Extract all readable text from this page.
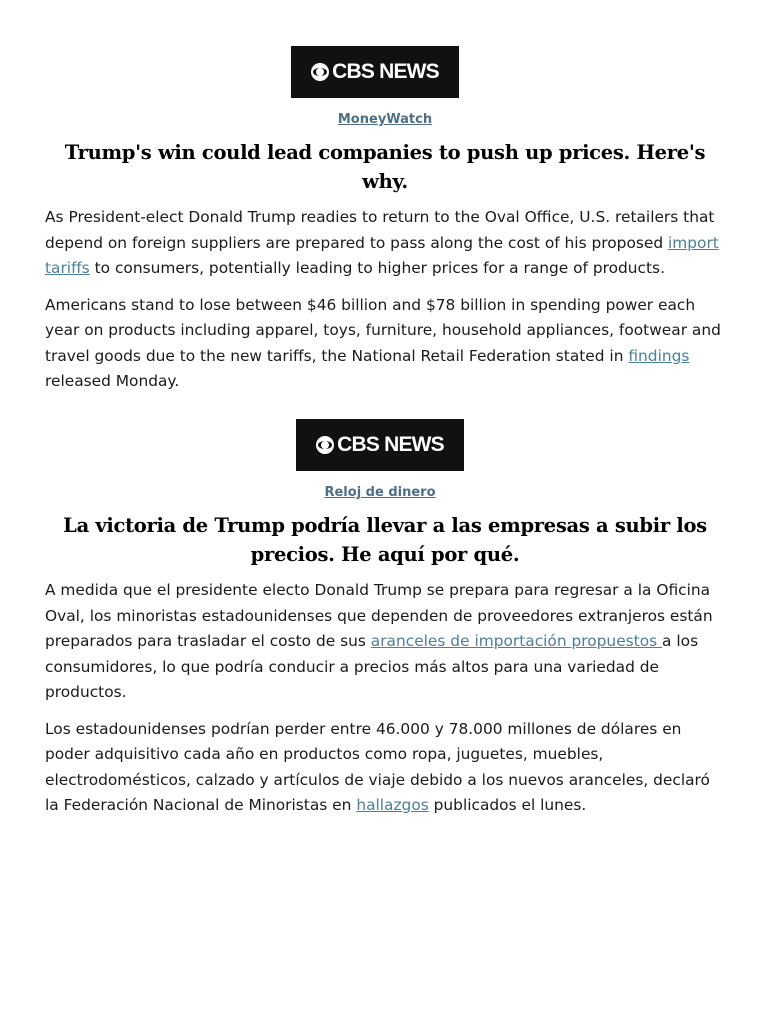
CBS NEWS
MoneyWatch
Trump's win could lead companies to push up prices. Here's why.

As President-elect Donald Trump readies to return to the Oval Office, U.S. retailers that depend on foreign suppliers are prepared to pass along the cost of his proposed import tariffs to consumers, potentially leading to higher prices for a range of products.

Americans stand to lose between $46 billion and $78 billion in spending power each year on products including apparel, toys, furniture, household appliances, footwear and travel goods due to the new tariffs, the National Retail Federation stated in findings released Monday.

CBS NEWS
Reloj de dinero
La victoria de Trump podría llevar a las empresas a subir los precios. He aquí por qué.

A medida que el presidente electo Donald Trump se prepara para regresar a la Oficina Oval, los minoristas estadounidenses que dependen de proveedores extranjeros están preparados para trasladar el costo de sus aranceles de importación propuestos a los consumidores, lo que podría conducir a precios más altos para una variedad de productos.

Los estadounidenses podrían perder entre 46.000 y 78.000 millones de dólares en poder adquisitivo cada año en productos como ropa, juguetes, muebles, electrodomésticos, calzado y artículos de viaje debido a los nuevos aranceles, declaró la Federación Nacional de Minoristas en hallazgos publicados el lunes.
